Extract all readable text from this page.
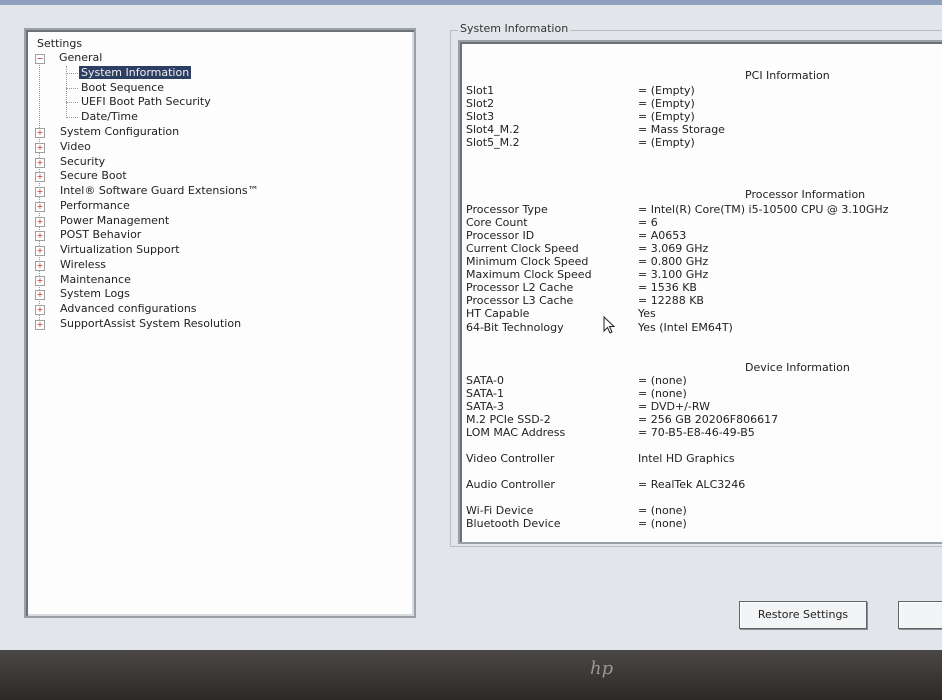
Settings
− General
System Information
Boot Sequence
UEFI Boot Path Security
Date/Time
+ System Configuration
+ Video
+ Security
+ Secure Boot
+ Intel® Software Guard Extensions™
+ Performance
+ Power Management
+ POST Behavior
+ Virtualization Support
+ Wireless
+ Maintenance
+ System Logs
+ Advanced configurations
+ SupportAssist System Resolution
System Information
PCI Information
Slot1	= (Empty)
Slot2	= (Empty)
Slot3	= (Empty)
Slot4_M.2	= Mass Storage
Slot5_M.2	= (Empty)
Processor Information
Processor Type	= Intel(R) Core(TM) i5-10500 CPU @ 3.10GHz
Core Count	= 6
Processor ID	= A0653
Current Clock Speed	= 3.069 GHz
Minimum Clock Speed	= 0.800 GHz
Maximum Clock Speed	= 3.100 GHz
Processor L2 Cache	= 1536 KB
Processor L3 Cache	= 12288 KB
HT Capable	Yes
64-Bit Technology	Yes (Intel EM64T)
Device Information
SATA-0	= (none)
SATA-1	= (none)
SATA-3	= DVD+/-RW
M.2 PCIe SSD-2	= 256 GB 20206F806617
LOM MAC Address	= 70-B5-E8-46-49-B5
Video Controller	Intel HD Graphics
Audio Controller	= RealTek ALC3246
Wi-Fi Device	= (none)
Bluetooth Device	= (none)
Restore Settings
hp
